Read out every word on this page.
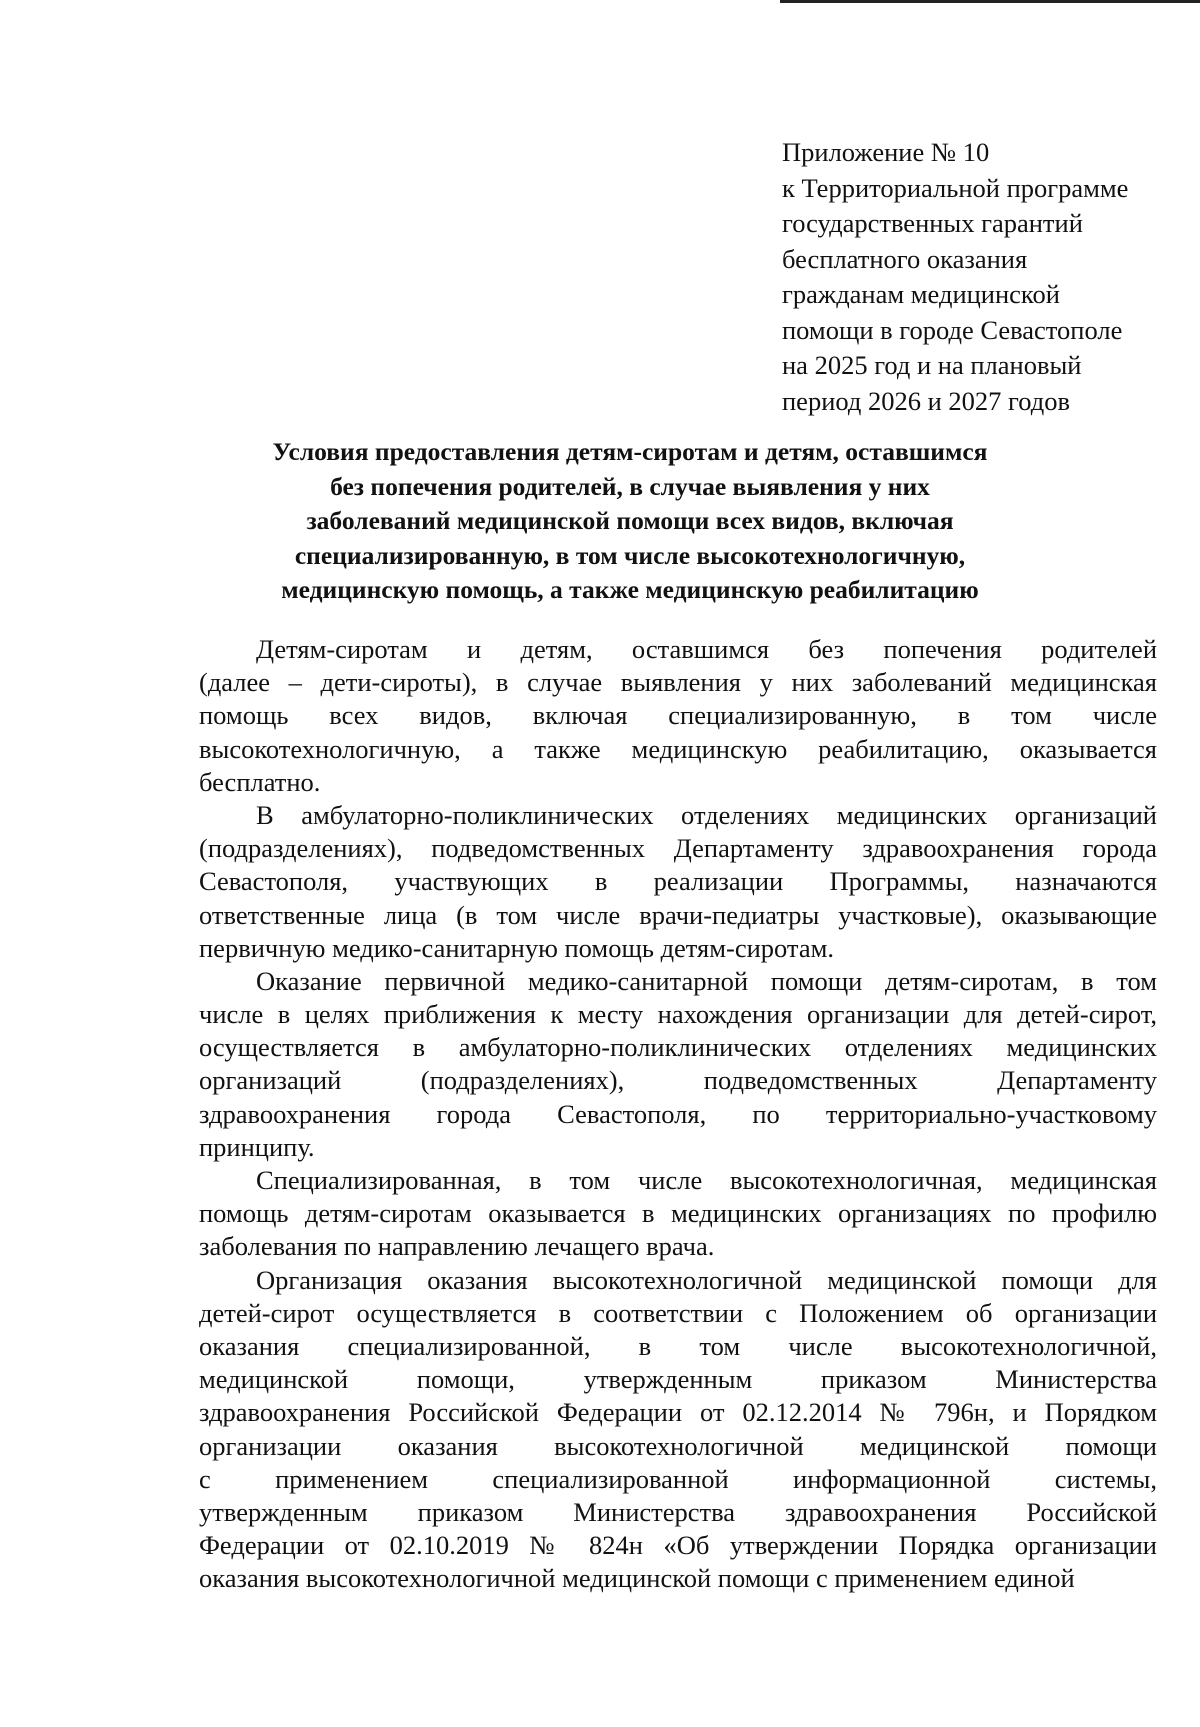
Приложение № 10
к Территориальной программе
государственных гарантий
бесплатного оказания
гражданам медицинской
помощи в городе Севастополе
на 2025 год и на плановый
период 2026 и 2027 годов
Условия предоставления детям-сиротам и детям, оставшимся
без попечения родителей, в случае выявления у них
заболеваний медицинской помощи всех видов, включая
специализированную, в том числе высокотехнологичную,
медицинскую помощь, а также медицинскую реабилитацию
Детям-сиротам и детям, оставшимся без попечения родителей
(далее – дети-сироты), в случае выявления у них заболеваний медицинская
помощь всех видов, включая специализированную, в том числе
высокотехнологичную, а также медицинскую реабилитацию, оказывается
бесплатно.
В амбулаторно-поликлинических отделениях медицинских организаций
(подразделениях), подведомственных Департаменту здравоохранения города
Севастополя, участвующих в реализации Программы, назначаются
ответственные лица (в том числе врачи-педиатры участковые), оказывающие
первичную медико-санитарную помощь детям-сиротам.
Оказание первичной медико-санитарной помощи детям-сиротам, в том
числе в целях приближения к месту нахождения организации для детей-сирот,
осуществляется в амбулаторно-поликлинических отделениях медицинских
организаций (подразделениях), подведомственных Департаменту
здравоохранения города Севастополя, по территориально-участковому
принципу.
Специализированная, в том числе высокотехнологичная, медицинская
помощь детям-сиротам оказывается в медицинских организациях по профилю
заболевания по направлению лечащего врача.
Организация оказания высокотехнологичной медицинской помощи для
детей-сирот осуществляется в соответствии с Положением об организации
оказания специализированной, в том числе высокотехнологичной,
медицинской помощи, утвержденным приказом Министерства
здравоохранения Российской Федерации от 02.12.2014 № 796н, и Порядком
организации оказания высокотехнологичной медицинской помощи
с применением специализированной информационной системы,
утвержденным приказом Министерства здравоохранения Российской
Федерации от 02.10.2019 № 824н «Об утверждении Порядка организации
оказания высокотехнологичной медицинской помощи с применением единой
